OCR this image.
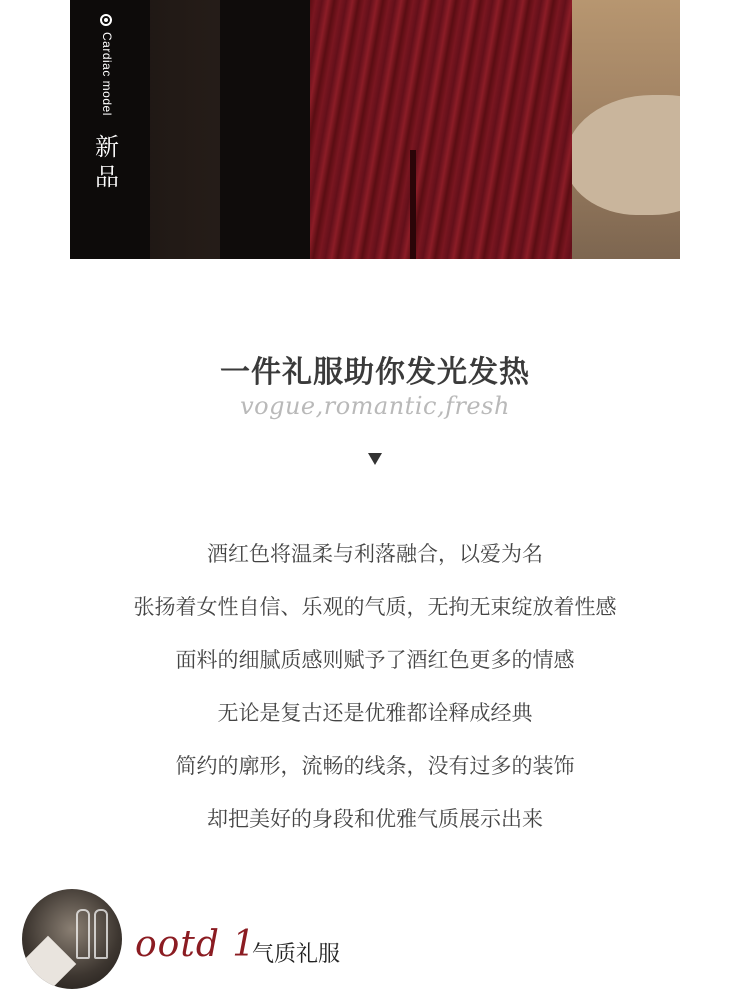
Cardiac model
新品
一件礼服助你发光发热
vogue,romantic,fresh
酒红色将温柔与利落融合，以爱为名
张扬着女性自信、乐观的气质，无拘无束绽放着性感
面料的细腻质感则赋予了酒红色更多的情感
无论是复古还是优雅都诠释成经典
简约的廓形，流畅的线条，没有过多的装饰
却把美好的身段和优雅气质展示出来
ootd 1
气质礼服
